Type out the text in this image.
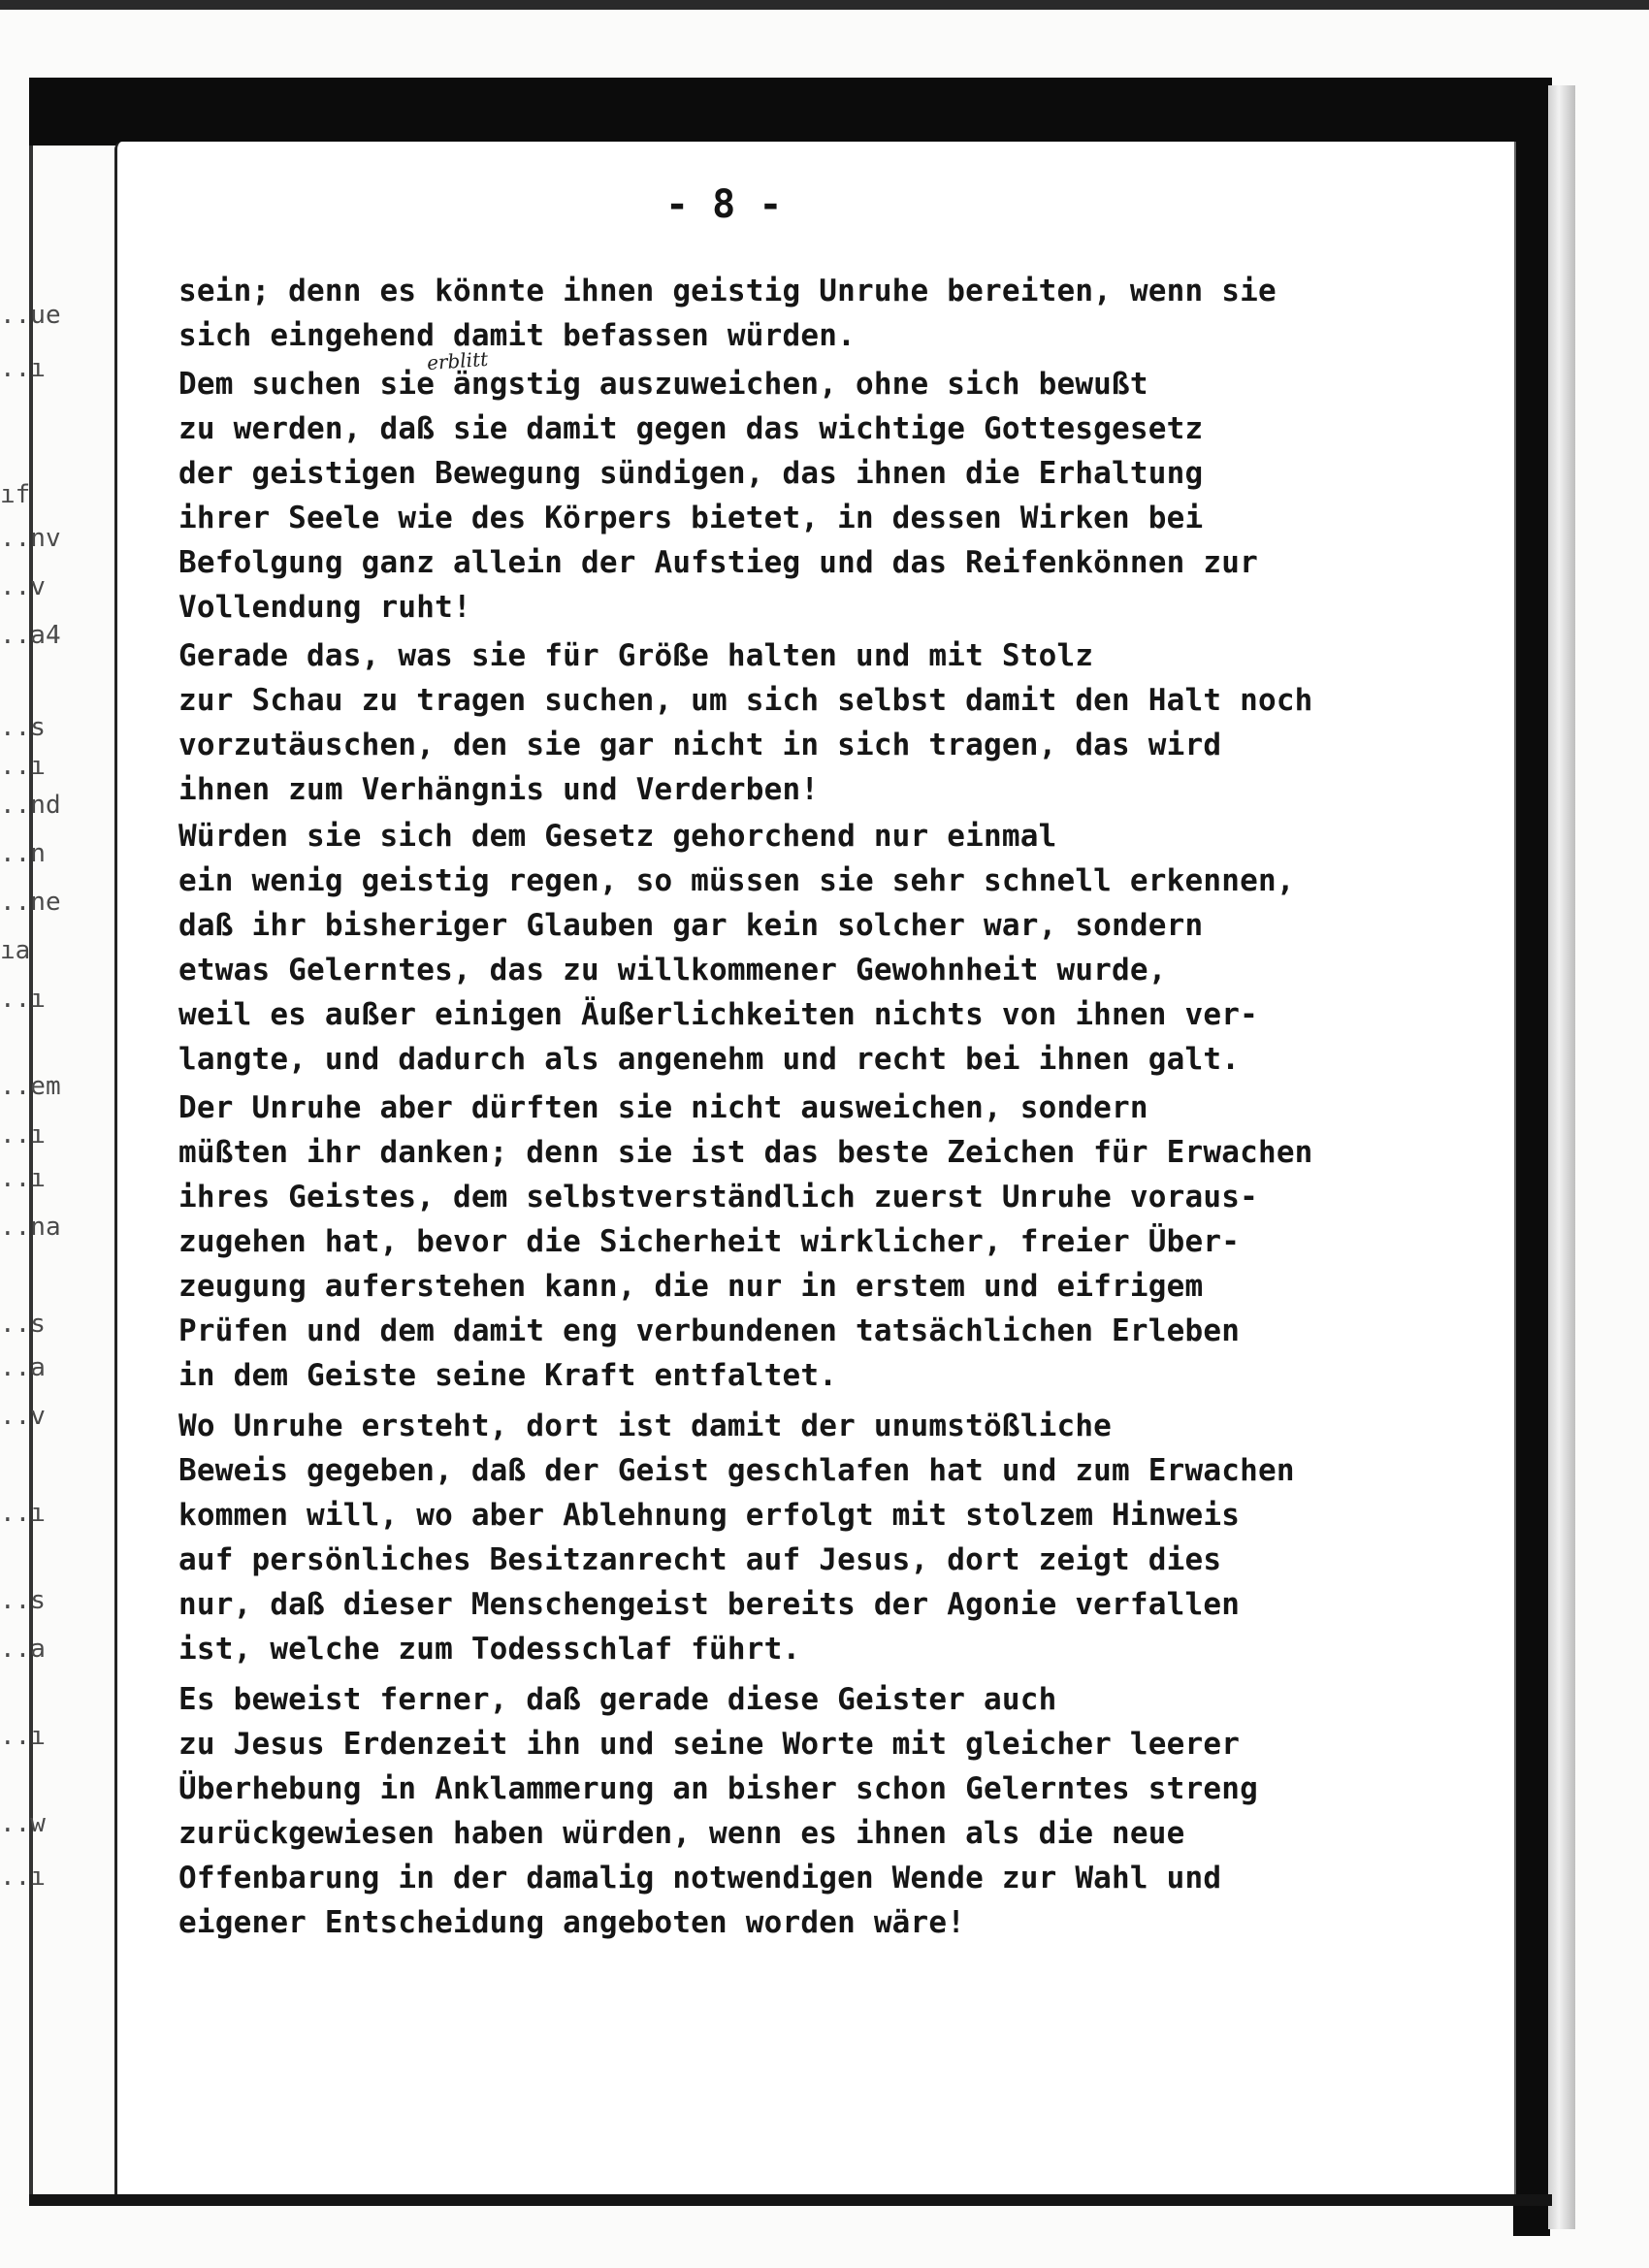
..ue
..ı
ıf
..nv
..v
..a4
..s
..ı
..nd
..n
..ne
ıa
..ı
..em
..ı
..ı
..na
..s
..a
..v
..ı
..s
..a
..ı
..w
..ı
- 8 -
erblitt
sein; denn es könnte ihnen geistig Unruhe bereiten, wenn sie
sich eingehend damit befassen würden.
Dem suchen sie ängstig auszuweichen, ohne sich bewußt
zu werden, daß sie damit gegen das wichtige Gottesgesetz
der geistigen Bewegung sündigen, das ihnen die Erhaltung
ihrer Seele wie des Körpers bietet, in dessen Wirken bei
Befolgung ganz allein der Aufstieg und das Reifenkönnen zur
Vollendung ruht!
Gerade das, was sie für Größe halten und mit Stolz
zur Schau zu tragen suchen, um sich selbst damit den Halt noch
vorzutäuschen, den sie gar nicht in sich tragen, das wird
ihnen zum Verhängnis und Verderben!
Würden sie sich dem Gesetz gehorchend nur einmal
ein wenig geistig regen, so müssen sie sehr schnell erkennen,
daß ihr bisheriger Glauben gar kein solcher war, sondern
etwas Gelerntes, das zu willkommener Gewohnheit wurde,
weil es außer einigen Äußerlichkeiten nichts von ihnen ver-
langte, und dadurch als angenehm und recht bei ihnen galt.
Der Unruhe aber dürften sie nicht ausweichen, sondern
müßten ihr danken; denn sie ist das beste Zeichen für Erwachen
ihres Geistes, dem selbstverständlich zuerst Unruhe voraus-
zugehen hat, bevor die Sicherheit wirklicher, freier Über-
zeugung auferstehen kann, die nur in erstem und eifrigem
Prüfen und dem damit eng verbundenen tatsächlichen Erleben
in dem Geiste seine Kraft entfaltet.
Wo Unruhe ersteht, dort ist damit der unumstößliche
Beweis gegeben, daß der Geist geschlafen hat und zum Erwachen
kommen will, wo aber Ablehnung erfolgt mit stolzem Hinweis
auf persönliches Besitzanrecht auf Jesus, dort zeigt dies
nur, daß dieser Menschengeist bereits der Agonie verfallen
ist, welche zum Todesschlaf führt.
Es beweist ferner, daß gerade diese Geister auch
zu Jesus Erdenzeit ihn und seine Worte mit gleicher leerer
Überhebung in Anklammerung an bisher schon Gelerntes streng
zurückgewiesen haben würden, wenn es ihnen als die neue
Offenbarung in der damalig notwendigen Wende zur Wahl und
eigener Entscheidung angeboten worden wäre!
